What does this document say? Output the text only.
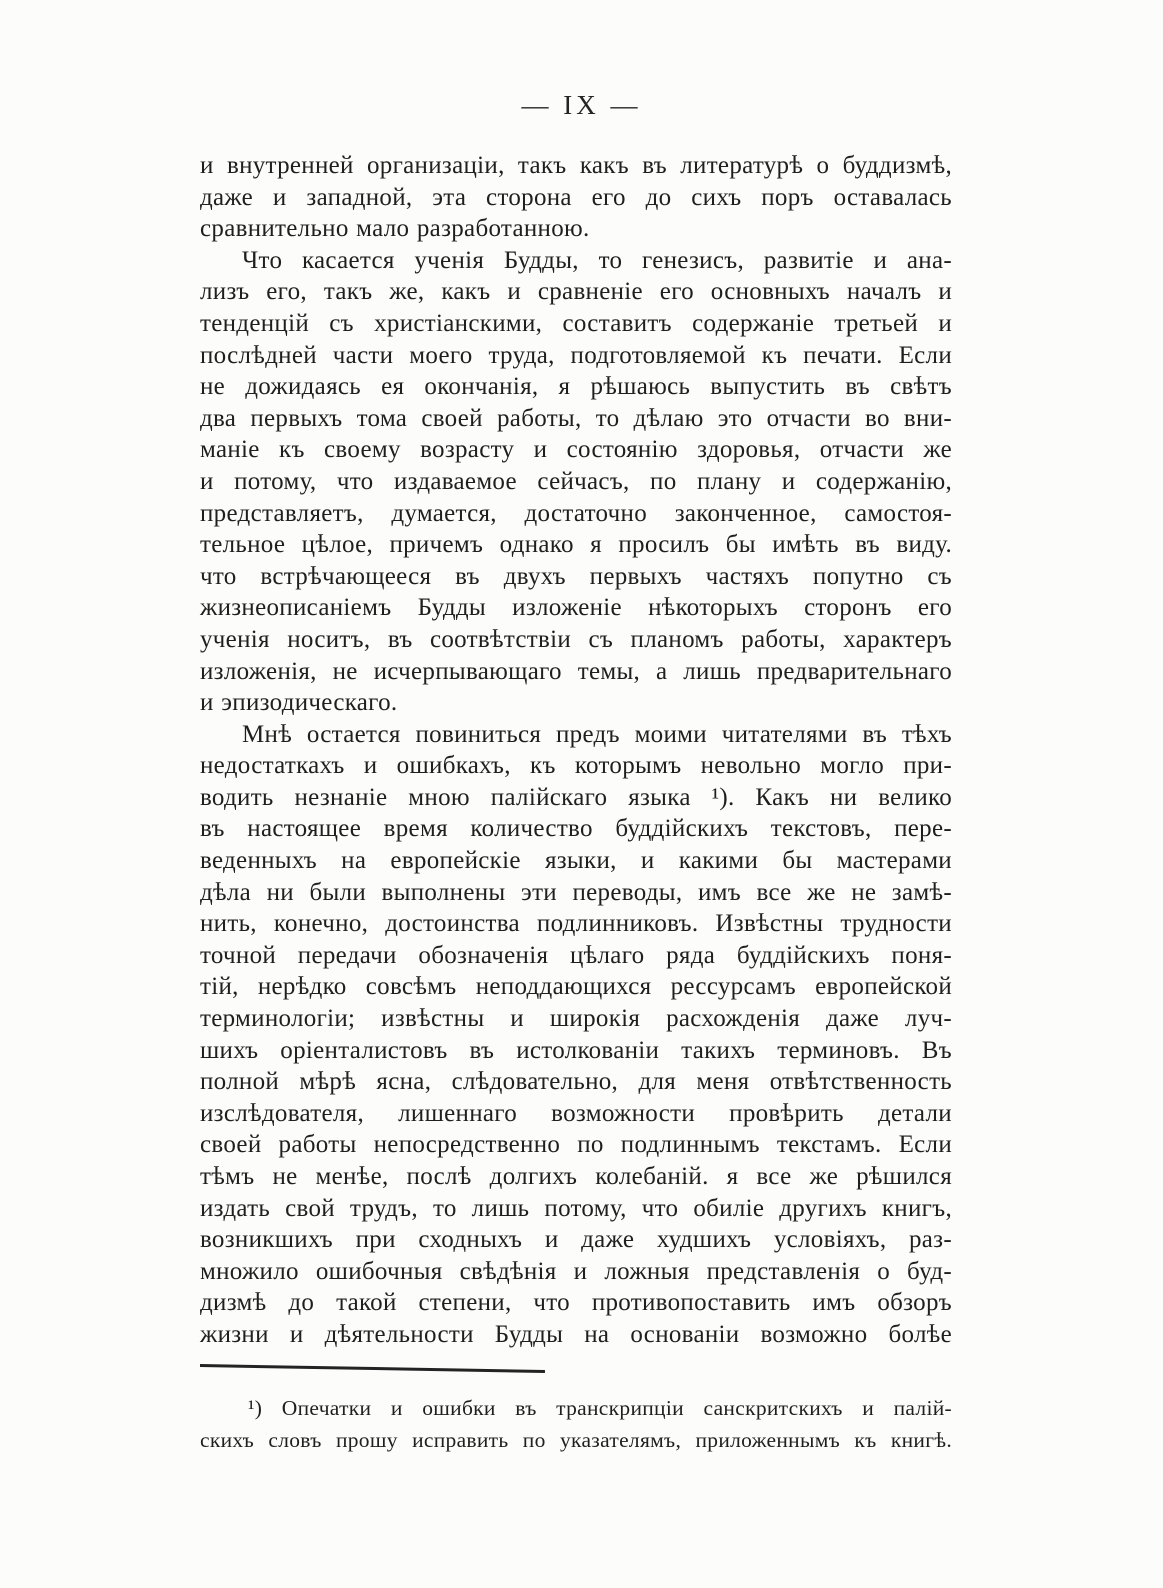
— IX —
и внутренней организаціи, такъ какъ въ литературѣ о буддизмѣ,
даже и западной, эта сторона его до сихъ поръ оставалась
сравнительно мало разработанною.
Что касается ученія Будды, то генезисъ, развитіе и ана-
лизъ его, такъ же, какъ и сравненіе его основныхъ началъ и
тенденцій съ христіанскими, составитъ содержаніе третьей и
послѣдней части моего труда, подготовляемой къ печати. Если
не дожидаясь ея окончанія, я рѣшаюсь выпустить въ свѣтъ
два первыхъ тома своей работы, то дѣлаю это отчасти во вни-
маніе къ своему возрасту и состоянію здоровья, отчасти же
и потому, что издаваемое сейчасъ, по плану и содержанію,
представляетъ, думается, достаточно законченное, самостоя-
тельное цѣлое, причемъ однако я просилъ бы имѣть въ виду.
что встрѣчающееся въ двухъ первыхъ частяхъ попутно съ
жизнеописаніемъ Будды изложеніе нѣкоторыхъ сторонъ его
ученія носитъ, въ соотвѣтствіи съ планомъ работы, характеръ
изложенія, не исчерпывающаго темы, а лишь предварительнаго
и эпизодическаго.
Мнѣ остается повиниться предъ моими читателями въ тѣхъ
недостаткахъ и ошибкахъ, къ которымъ невольно могло при-
водить незнаніе мною палійскаго языка ¹). Какъ ни велико
въ настоящее время количество буддійскихъ текстовъ, пере-
веденныхъ на европейскіе языки, и какими бы мастерами
дѣла ни были выполнены эти переводы, имъ все же не замѣ-
нить, конечно, достоинства подлинниковъ. Извѣстны трудности
точной передачи обозначенія цѣлаго ряда буддійскихъ поня-
тій, нерѣдко совсѣмъ неподдающихся рессурсамъ европейской
терминологіи; извѣстны и широкія расхожденія даже луч-
шихъ оріенталистовъ въ истолкованіи такихъ терминовъ. Въ
полной мѣрѣ ясна, слѣдовательно, для меня отвѣтственность
изслѣдователя, лишеннаго возможности провѣрить детали
своей работы непосредственно по подлиннымъ текстамъ. Если
тѣмъ не менѣе, послѣ долгихъ колебаній. я все же рѣшился
издать свой трудъ, то лишь потому, что обиліе другихъ книгъ,
возникшихъ при сходныхъ и даже худшихъ условіяхъ, раз-
множило ошибочныя свѣдѣнія и ложныя представленія о буд-
дизмѣ до такой степени, что противопоставить имъ обзоръ
жизни и дѣятельности Будды на основаніи возможно болѣе
¹) Опечатки и ошибки въ транскрипціи санскритскихъ и палій-
скихъ словъ прошу исправить по указателямъ, приложеннымъ къ книгѣ.
